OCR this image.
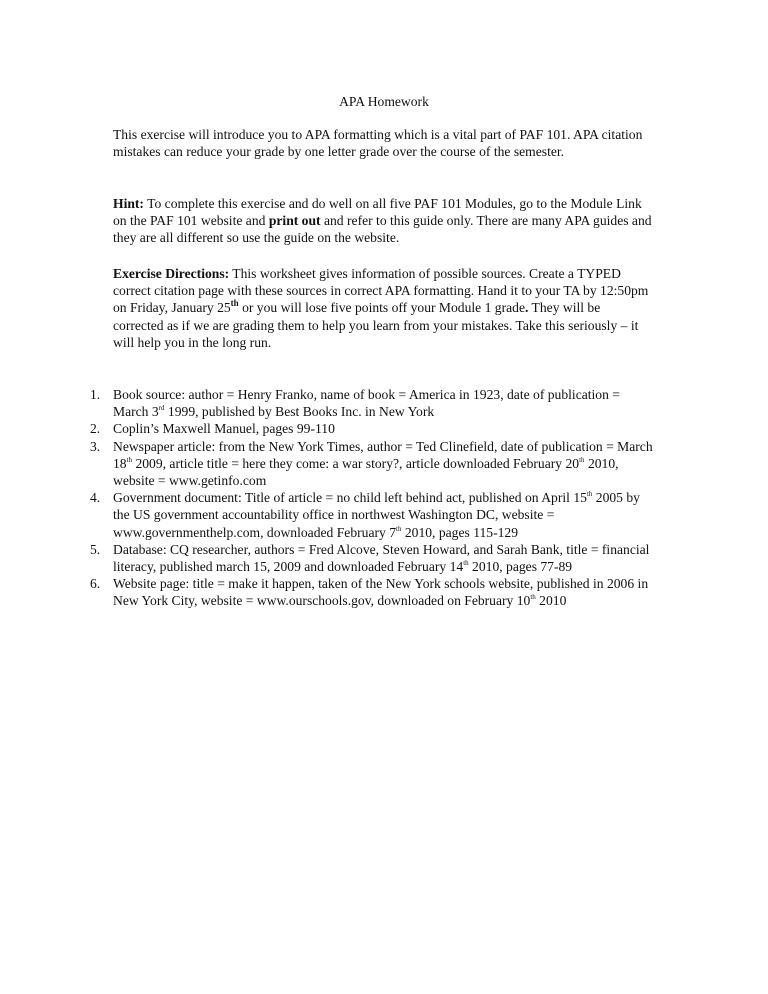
APA Homework

This exercise will introduce you to APA formatting which is a vital part of PAF 101. APA citation mistakes can reduce your grade by one letter grade over the course of the semester.

Hint: To complete this exercise and do well on all five PAF 101 Modules, go to the Module Link on the PAF 101 website and print out and refer to this guide only. There are many APA guides and they are all different so use the guide on the website.

Exercise Directions: This worksheet gives information of possible sources. Create a TYPED correct citation page with these sources in correct APA formatting. Hand it to your TA by 12:50pm on Friday, January 25th or you will lose five points off your Module 1 grade. They will be corrected as if we are grading them to help you learn from your mistakes. Take this seriously – it will help you in the long run.

1. Book source: author = Henry Franko, name of book = America in 1923, date of publication = March 3rd 1999, published by Best Books Inc. in New York
2. Coplin’s Maxwell Manuel, pages 99-110
3. Newspaper article: from the New York Times, author = Ted Clinefield, date of publication = March 18th 2009, article title = here they come: a war story?, article downloaded February 20th 2010, website = www.getinfo.com
4. Government document: Title of article = no child left behind act, published on April 15th 2005 by the US government accountability office in northwest Washington DC, website = www.governmenthelp.com, downloaded February 7th 2010, pages 115-129
5. Database: CQ researcher, authors = Fred Alcove, Steven Howard, and Sarah Bank, title = financial literacy, published march 15, 2009 and downloaded February 14th 2010, pages 77-89
6. Website page: title = make it happen, taken of the New York schools website, published in 2006 in New York City, website = www.ourschools.gov, downloaded on February 10th 2010
